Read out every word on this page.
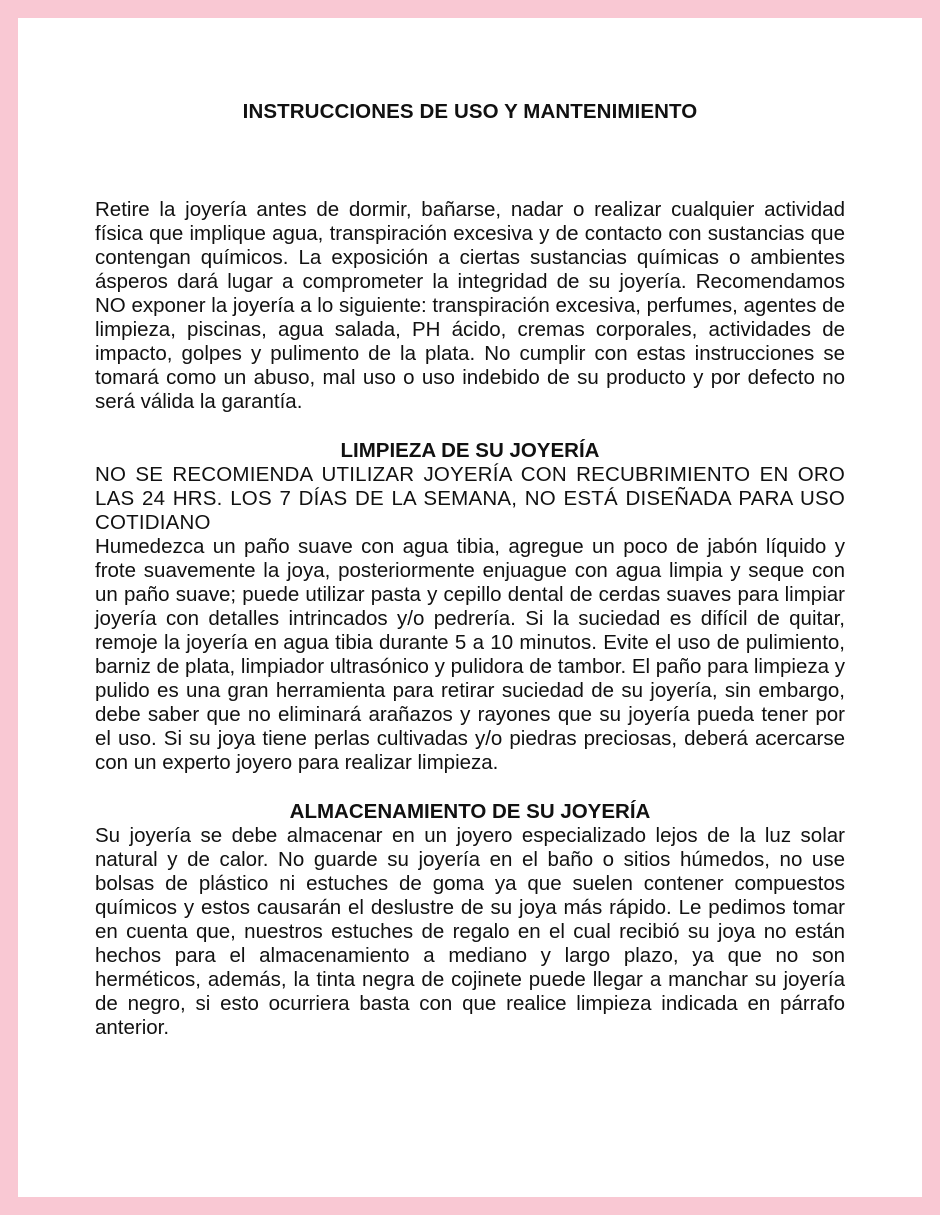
INSTRUCCIONES DE USO Y MANTENIMIENTO

Retire la joyería antes de dormir, bañarse, nadar o realizar cualquier actividad física que implique agua, transpiración excesiva y de contacto con sustancias que contengan químicos. La exposición a ciertas sustancias químicas o ambientes ásperos dará lugar a comprometer la integridad de su joyería. Recomendamos NO exponer la joyería a lo siguiente: transpiración excesiva, perfumes, agentes de limpieza, piscinas, agua salada, PH ácido, cremas corporales, actividades de impacto, golpes y pulimento de la plata. No cumplir con estas instrucciones se tomará como un abuso, mal uso o uso indebido de su producto y por defecto no será válida la garantía.

LIMPIEZA DE SU JOYERÍA

NO SE RECOMIENDA UTILIZAR JOYERÍA CON RECUBRIMIENTO EN ORO LAS 24 HRS. LOS 7 DÍAS DE LA SEMANA, NO ESTÁ DISEÑADA PARA USO COTIDIANO

Humedezca un paño suave con agua tibia, agregue un poco de jabón líquido y frote suavemente la joya, posteriormente enjuague con agua limpia y seque con un paño suave; puede utilizar pasta y cepillo dental de cerdas suaves para limpiar joyería con detalles intrincados y/o pedrería. Si la suciedad es difícil de quitar, remoje la joyería en agua tibia durante 5 a 10 minutos. Evite el uso de pulimiento, barniz de plata, limpiador ultrasónico y pulidora de tambor. El paño para limpieza y pulido es una gran herramienta para retirar suciedad de su joyería, sin embargo, debe saber que no eliminará arañazos y rayones que su joyería pueda tener por el uso. Si su joya tiene perlas cultivadas y/o piedras preciosas, deberá acercarse con un experto joyero para realizar limpieza.

ALMACENAMIENTO DE SU JOYERÍA

Su joyería se debe almacenar en un joyero especializado lejos de la luz solar natural y de calor. No guarde su joyería en el baño o sitios húmedos, no use bolsas de plástico ni estuches de goma ya que suelen contener compuestos químicos y estos causarán el deslustre de su joya más rápido. Le pedimos tomar en cuenta que, nuestros estuches de regalo en el cual recibió su joya no están hechos para el almacenamiento a mediano y largo plazo, ya que no son herméticos, además, la tinta negra de cojinete puede llegar a manchar su joyería de negro, si esto ocurriera basta con que realice limpieza indicada en párrafo anterior.
